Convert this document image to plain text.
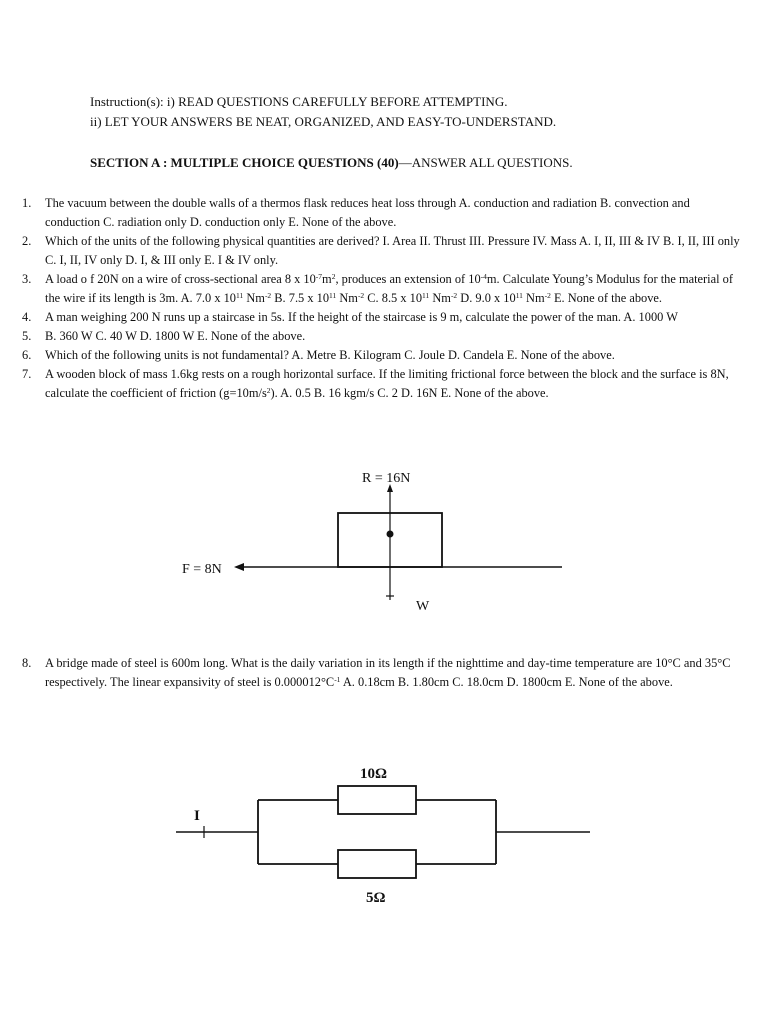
Instruction(s): i) READ QUESTIONS CAREFULLY BEFORE ATTEMPTING.
ii) LET YOUR ANSWERS BE NEAT, ORGANIZED, AND EASY-TO-UNDERSTAND.
SECTION A : MULTIPLE CHOICE QUESTIONS (40)—ANSWER ALL QUESTIONS.
1.	The vacuum between the double walls of a thermos flask reduces heat loss through A. conduction and radiation B. convection and conduction C. radiation only D. conduction only E. None of the above.
2.	Which of the units of the following physical quantities are derived? I. Area II. Thrust III. Pressure IV. Mass A. I, II, III & IV B. I, II, III only C. I, II, IV only D. I, & III only E. I & IV only.
3.	A load o f 20N on a wire of cross-sectional area 8 x $10^{-7}m^2$, produces an extension of $10^{-4}m$. Calculate Young’s Modulus for the material of the wire if its length is 3m. A. 7.0 x $10^{11}$ $Nm^{-2}$ B. 7.5 x $10^{11}$ $Nm^{-2}$ C. 8.5 x $10^{11}$ $Nm^{-2}$ D. 9.0 x $10^{11}$ $Nm^{-2}$ E. None of the above.
4.	A man weighing 200 N runs up a staircase in 5s. If the height of the staircase is 9 m, calculate the power of the man. A. 1000 W
5.	B. 360 W C. 40 W D. 1800 W E. None of the above.
6.	Which of the following units is not fundamental? A. Metre B. Kilogram C. Joule D. Candela E. None of the above.
7.	A wooden block of mass 1.6kg rests on a rough horizontal surface. If the limiting frictional force between the block and the surface is 8N, calculate the coefficient of friction $(g=10m/s^2)$. A. 0.5 B. 16 kgm/s C. 2 D. 16N E. None of the above.
R = 16N
F = 8N
W
8.	A bridge made of steel is 600m long. What is the daily variation in its length if the nighttime and day-time temperature are 10°C and 35°C respectively. The linear expansivity of steel is $0.000012^\circ C^{-1}$ A. 0.18cm B. 1.80cm C. 18.0cm D. 1800cm E. None of the above.
I
10Ω
5Ω
